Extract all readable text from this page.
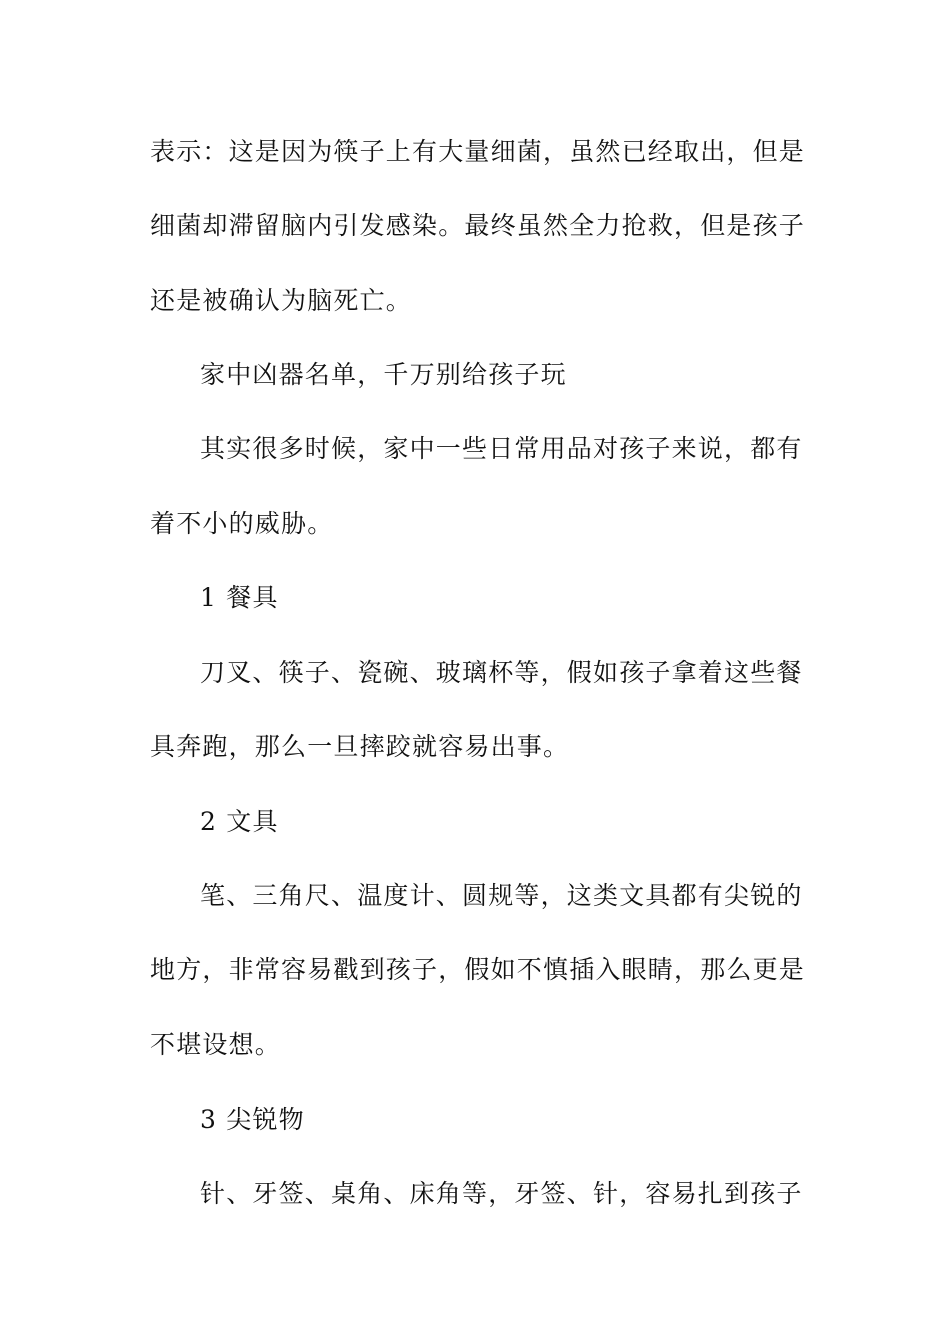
表示：这是因为筷子上有大量细菌，虽然已经取出，但是
细菌却滞留脑内引发感染。最终虽然全力抢救，但是孩子
还是被确认为脑死亡。
家中凶器名单，千万别给孩子玩
其实很多时候，家中一些日常用品对孩子来说，都有
着不小的威胁。
1 餐具
刀叉、筷子、瓷碗、玻璃杯等，假如孩子拿着这些餐
具奔跑，那么一旦摔跤就容易出事。
2 文具
笔、三角尺、温度计、圆规等，这类文具都有尖锐的
地方，非常容易戳到孩子，假如不慎插入眼睛，那么更是
不堪设想。
3 尖锐物
针、牙签、桌角、床角等，牙签、针，容易扎到孩子
